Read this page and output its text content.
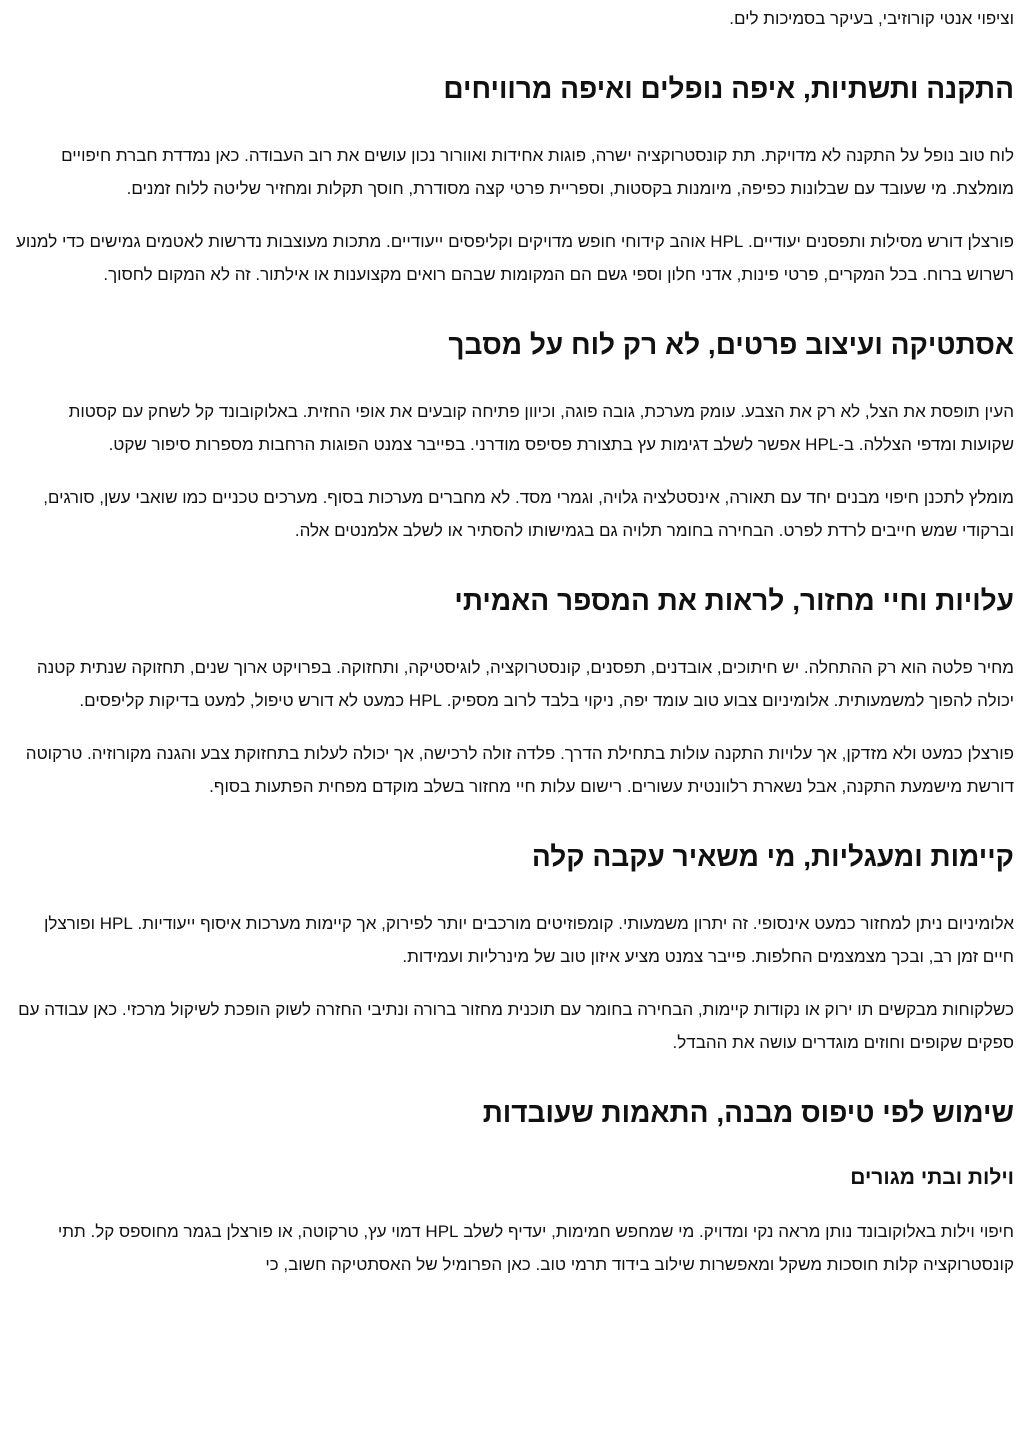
וציפוי אנטי קורוזיבי, בעיקר בסמיכות לים.

התקנה ותשתיות, איפה נופלים ואיפה מרוויחים

לוח טוב נופל על התקנה לא מדויקת. תת קונסטרוקציה ישרה, פוגות אחידות ואוורור נכון עושים את רוב העבודה. כאן נמדדת חברת חיפויים מומלצת. מי שעובד עם שבלונות כפיפה, מיומנות בקסטות, וספריית פרטי קצה מסודרת, חוסך תקלות ומחזיר שליטה ללוח זמנים.

פורצלן דורש מסילות ותפסנים יעודיים. HPL אוהב קידוחי חופש מדויקים וקליפסים ייעודיים. מתכות מעוצבות נדרשות לאטמים גמישים כדי למנוע רשרוש ברוח. בכל המקרים, פרטי פינות, אדני חלון וספי גשם הם המקומות שבהם רואים מקצוענות או אילתור. זה לא המקום לחסוך.

אסתטיקה ועיצוב פרטים, לא רק לוח על מסבך

העין תופסת את הצל, לא רק את הצבע. עומק מערכת, גובה פוגה, וכיוון פתיחה קובעים את אופי החזית. באלוקובונד קל לשחק עם קסטות שקועות ומדפי הצללה. ב-HPL אפשר לשלב דגימות עץ בתצורת פסיפס מודרני. בפייבר צמנט הפוגות הרחבות מספרות סיפור שקט.

מומלץ לתכנן חיפוי מבנים יחד עם תאורה, אינסטלציה גלויה, וגמרי מסד. לא מחברים מערכות בסוף. מערכים טכניים כמו שואבי עשן, סורגים, וברקודי שמש חייבים לרדת לפרט. הבחירה בחומר תלויה גם בגמישותו להסתיר או לשלב אלמנטים אלה.

עלויות וחיי מחזור, לראות את המספר האמיתי

מחיר פלטה הוא רק ההתחלה. יש חיתוכים, אובדנים, תפסנים, קונסטרוקציה, לוגיסטיקה, ותחזוקה. בפרויקט ארוך שנים, תחזוקה שנתית קטנה יכולה להפוך למשמעותית. אלומיניום צבוע טוב עומד יפה, ניקוי בלבד לרוב מספיק. HPL כמעט לא דורש טיפול, למעט בדיקות קליפסים.

פורצלן כמעט ולא מזדקן, אך עלויות התקנה עולות בתחילת הדרך. פלדה זולה לרכישה, אך יכולה לעלות בתחזוקת צבע והגנה מקורוזיה. טרקוטה דורשת מישמעת התקנה, אבל נשארת רלוונטית עשורים. רישום עלות חיי מחזור בשלב מוקדם מפחית הפתעות בסוף.

קיימות ומעגליות, מי משאיר עקבה קלה

אלומיניום ניתן למחזור כמעט אינסופי. זה יתרון משמעותי. קומפוזיטים מורכבים יותר לפירוק, אך קיימות מערכות איסוף ייעודיות. HPL ופורצלן חיים זמן רב, ובכך מצמצמים החלפות. פייבר צמנט מציע איזון טוב של מינרליות ועמידות.

כשלקוחות מבקשים תו ירוק או נקודות קיימות, הבחירה בחומר עם תוכנית מחזור ברורה ונתיבי החזרה לשוק הופכת לשיקול מרכזי. כאן עבודה עם ספקים שקופים וחוזים מוגדרים עושה את ההבדל.

שימוש לפי טיפוס מבנה, התאמות שעובדות
וילות ובתי מגורים

חיפוי וילות באלוקובונד נותן מראה נקי ומדויק. מי שמחפש חמימות, יעדיף לשלב HPL דמוי עץ, טרקוטה, או פורצלן בגמר מחוספס קל. תתי קונסטרוקציה קלות חוסכות משקל ומאפשרות שילוב בידוד תרמי טוב. כאן הפרומיל של האסתטיקה חשוב, כי
